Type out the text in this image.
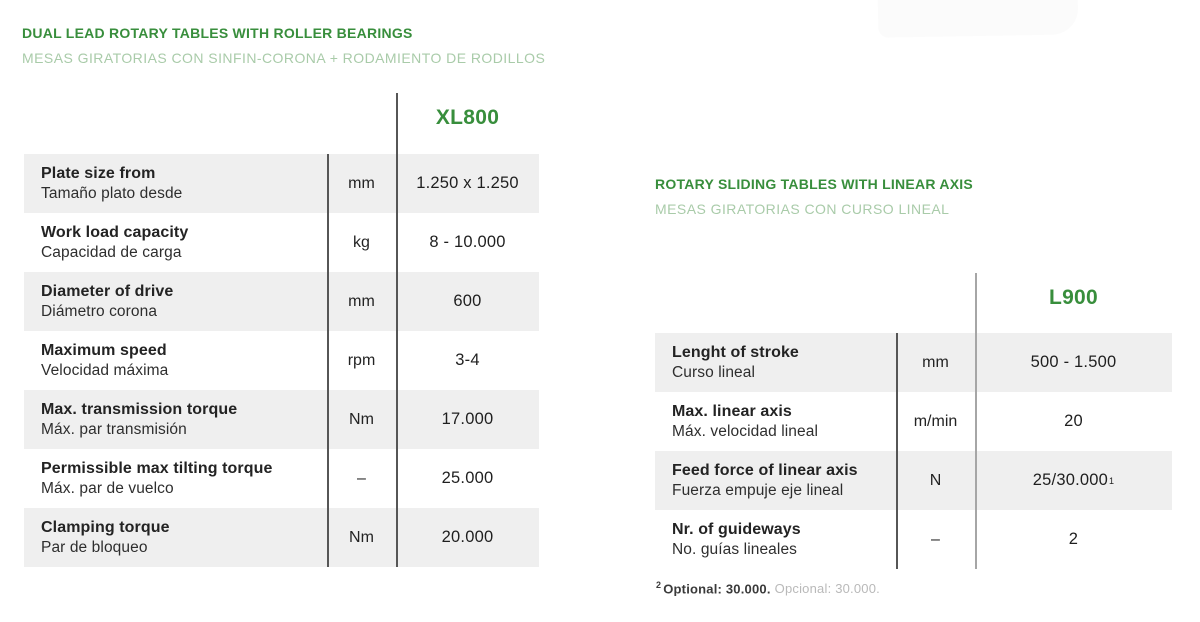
DUAL LEAD ROTARY TABLES WITH ROLLER BEARINGS
MESAS GIRATORIAS CON SINFIN-CORONA + RODAMIENTO DE RODILLOS
ROTARY SLIDING TABLES WITH LINEAR AXIS
MESAS GIRATORIAS CON CURSO LINEAL
XL800
Plate size from
Tamaño plato desde
mm	1.250 x 1.250
Work load capacity
Capacidad de carga
kg	8 - 10.000
Diameter of drive
Diámetro corona
mm	600
Maximum speed
Velocidad máxima
rpm	3-4
Max. transmission torque
Máx. par transmisión
Nm	17.000
Permissible max tilting torque
Máx. par de vuelco
–	25.000
Clamping torque
Par de bloqueo
Nm	20.000
L900
Lenght of stroke
Curso lineal
mm	500 - 1.500
Max. linear axis
Máx. velocidad lineal
m/min	20
Feed force of linear axis
Fuerza empuje eje lineal
N	25/30.000 1
Nr. of guideways
No. guías lineales
–	2
$^2$ Optional: 30.000. Opcional: 30.000.
